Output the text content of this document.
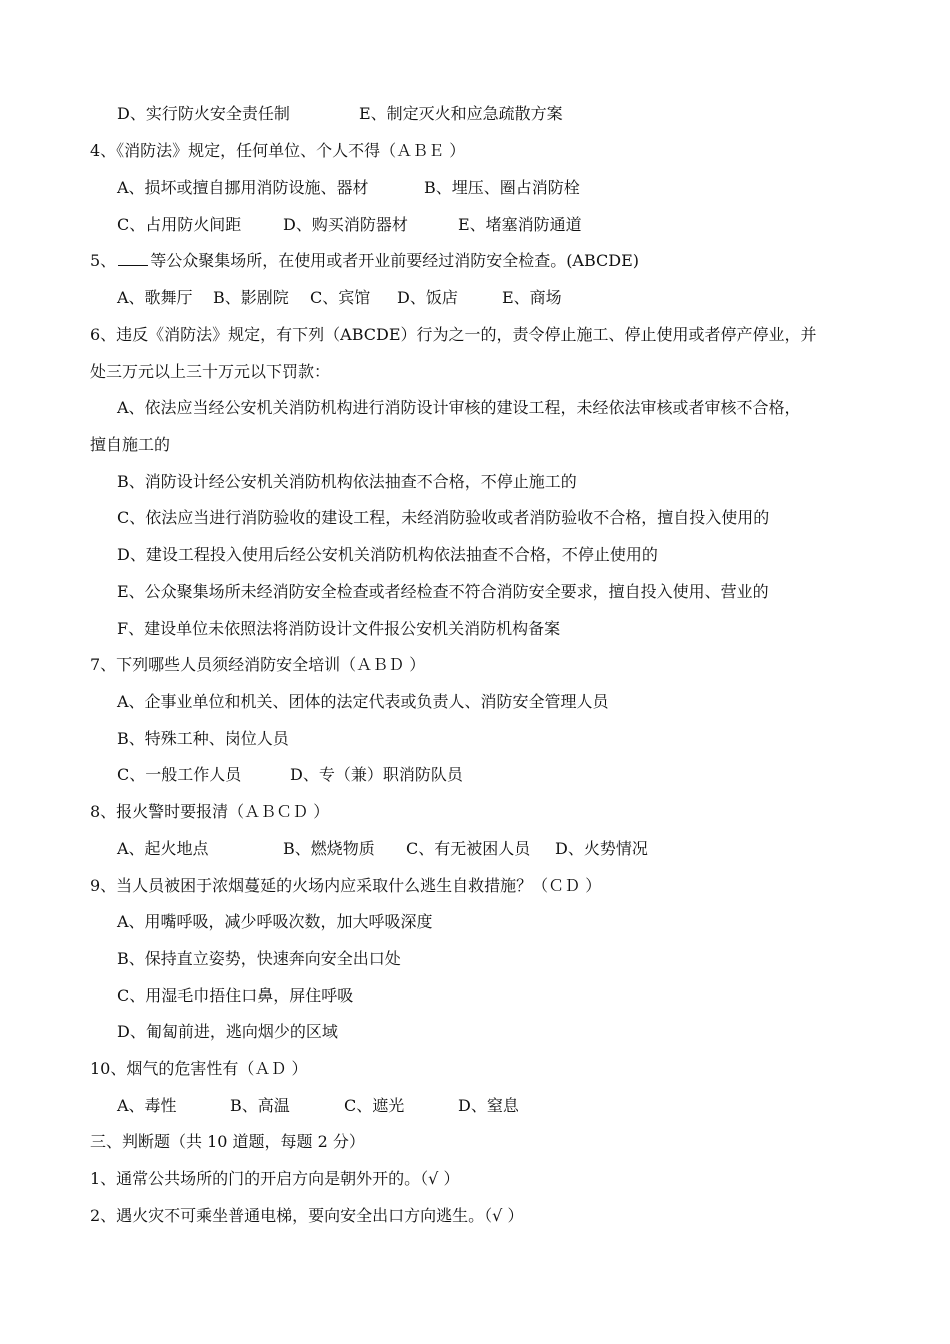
D、实行防火安全责任制	E、制定灭火和应急疏散方案
4、《消防法》规定，任何单位、个人不得（ＡＢＥ ）
A、损坏或擅自挪用消防设施、器材	B、埋压、圈占消防栓
C、占用防火间距	D、购买消防器材	E、堵塞消防通道
5、 等公众聚集场所，在使用或者开业前要经过消防安全检查。(ABCDE)
A、歌舞厅 B、影剧院 C、宾馆 D、饭店	E、商场
6、违反《消防法》规定，有下列（ABCDE）行为之一的，责令停止施工、停止使用或者停产停业，并
处三万元以上三十万元以下罚款：
A、依法应当经公安机关消防机构进行消防设计审核的建设工程，未经依法审核或者审核不合格，
擅自施工的
B、消防设计经公安机关消防机构依法抽查不合格，不停止施工的
C、依法应当进行消防验收的建设工程，未经消防验收或者消防验收不合格，擅自投入使用的
D、建设工程投入使用后经公安机关消防机构依法抽查不合格，不停止使用的
E、公众聚集场所未经消防安全检查或者经检查不符合消防安全要求，擅自投入使用、营业的
F、建设单位未依照法将消防设计文件报公安机关消防机构备案
7、下列哪些人员须经消防安全培训（ＡＢＤ ）
A、企事业单位和机关、团体的法定代表或负责人、消防安全管理人员
B、特殊工种、岗位人员
C、一般工作人员	D、专（兼）职消防队员
8、报火警时要报清（ＡＢＣＤ ）
A、起火地点	B、燃烧物质 C、有无被困人员 D、火势情况
9、当人员被困于浓烟蔓延的火场内应采取什么逃生自救措施？（ＣＤ ）
A、用嘴呼吸，减少呼吸次数，加大呼吸深度
B、保持直立姿势，快速奔向安全出口处
C、用湿毛巾捂住口鼻，屏住呼吸
D、匍匐前进，逃向烟少的区域
10、烟气的危害性有（ＡＤ ）
A、毒性	B、高温	C、遮光	D、窒息
三、判断题（共 10 道题，每题 2 分）
1、通常公共场所的门的开启方向是朝外开的。（√ ）
2、遇火灾不可乘坐普通电梯，要向安全出口方向逃生。（√ ）
